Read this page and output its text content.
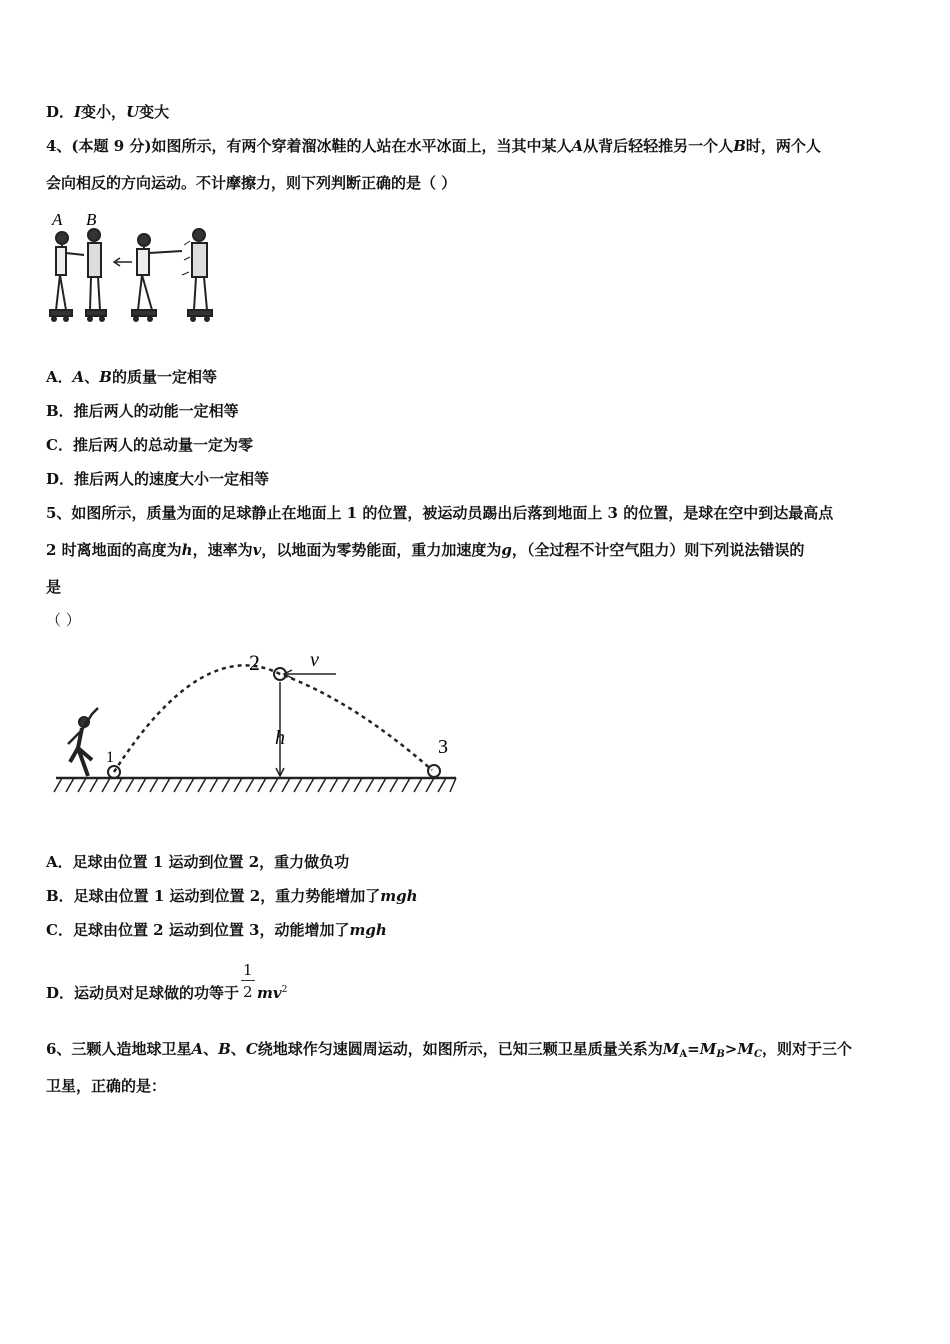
D．I变小，U变大
4、(本题 9 分)如图所示，有两个穿着溜冰鞋的人站在水平冰面上，当其中某人A从背后轻轻推另一个人B时，两个人
会向相反的方向运动。不计摩擦力，则下列判断正确的是（ ）
A B
A．A、B的质量一定相等
B．推后两人的动能一定相等
C．推后两人的总动量一定为零
D．推后两人的速度大小一定相等
5、如图所示，质量为面的足球静止在地面上 1 的位置，被运动员踢出后落到地面上 3 的位置，是球在空中到达最高点
2 时离地面的高度为h，速率为v，以地面为零势能面，重力加速度为g，（全过程不计空气阻力）则下列说法错误的
是
（ ）
1
2
3
v
h
A．足球由位置 1 运动到位置 2，重力做负功
B．足球由位置 1 运动到位置 2，重力势能增加了mgh
C．足球由位置 2 运动到位置 3，动能增加了mgh
D．运动员对足球做的功等于 $\frac{1}{2} mv^2$
6、三颗人造地球卫星A、B、C绕地球作匀速圆周运动，如图所示，已知三颗卫星质量关系为$M_A=M_B>M_C$，则对于三个
卫星，正确的是：
